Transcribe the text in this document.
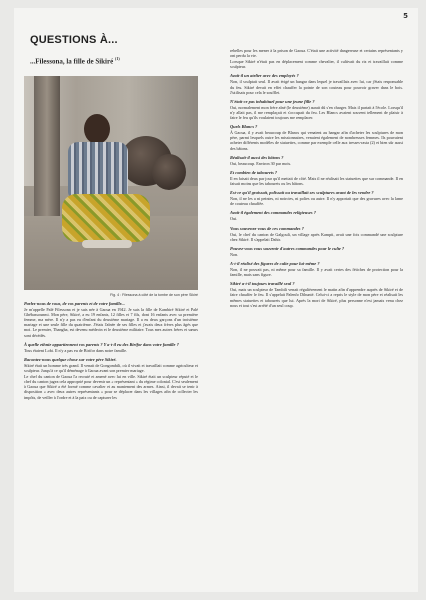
5
QUESTIONS À...
...Filessona, la fille de Sikiré $^{(1)}$
Fig. 4 : Filessona à côté de la tombe de son père Sikiré

Parlez-nous de vous, de vos parents et de votre famille...

Je m'appelle Palé Filessona et je suis née à Gaoua en 1942. Je suis la fille de Kambiré Sikiré et Palé Ghébassounmi. Mon père, Sikiré, a eu 19 enfants, 12 filles et 7 fils, dont 16 enfants avec sa première femme, ma mère. Il n'y a pas eu d'enfant du deuxième mariage. Il a eu deux garçons d'un troisième mariage et une seule fille du quatrième. J'étais l'aînée de ses filles et j'avais deux frères plus âgés que moi. Le premier, Thangba, est devenu médecin et le deuxième militaire. Tous mes autres frères et sœurs sont décédés.

À quelle ethnie appartiennent vos parents ? Y a-t-il eu des Birifor dans votre famille ?

Tous étaient Lobi. Il n'y a pas eu de Birifor dans notre famille.

Racontez-nous quelque chose sur votre père Sikiré.

Sikiré était un homme très grand. Il venait de Gongombili, où il vivait et travaillait comme agriculteur et sculpteur. Jusqu'à ce qu'il déménage à Gaoua avant son premier mariage.

Le chef du canton de Gaoua l'a recruté et amené avec lui en ville. Sikiré était un sculpteur réputé et le chef du canton jugea cela approprié pour devenir un « représentant » du régime colonial. C'est seulement à Gaoua que Sikiré a été formé comme cavalier et au maniement des armes. Ainsi, il devait se tenir à disposition « avec deux autres représentants » pour se déplacer dans les villages afin de collecter les impôts, de veiller à l'ordre et à la paix ou de capturer les

rebelles pour les mener à la prison de Gaoua. C'était une activité dangereuse et certains représentants y ont perdu la vie.

Lorsque Sikiré n'était pas en déplacement comme chevalier, il cultivait du riz et travaillait comme sculpteur.

Avait-il un atelier avec des employés ?

Non, il sculptait seul. Il avait érigé un hangar dans lequel je travaillais avec lui, car j'étais responsable du feu. Sikiré devait en effet chauffer la pointe de son couteau pour pouvoir graver dans le bois. J'utilisais pour cela le soufflet.

N'était-ce pas inhabituel pour une jeune fille ?

Oui, normalement mon frère aîné (le deuxième) aurait dû s'en charger. Mais il partait à l'école. Lorsqu'il n'y allait pas, il me remplaçait et s'occupait du feu. Les Blancs avaient souvent tellement de plaisir à faire le feu qu'ils voulaient toujours me remplacer.

Quels Blancs ?

À Gaoua, il y avait beaucoup de Blancs qui venaient au hangar afin d'acheter les sculptures de mon père, parmi lesquels outre les missionnaires, venaient également de nombreuses femmes. Ils pouvaient acheter différents modèles de statuettes, comme par exemple celle aux tresses-rasta (2) et bien sûr aussi des bâtons.

Réalisait-il aussi des bâtons ?

Oui, beaucoup. Environ 30 par mois.

Et combien de tabourets ?

Il en faisait deux par jour qu'il mettait de côté. Mais il ne réalisait les statuettes que sur commande. Il en faisait moins que les tabourets ou les bâtons.

Est-ce qu'il graissait, polissait ou travaillait ses sculptures avant de les vendre ?

Non, il ne les a ni peintes, ni noircies, ni polies ou autre. Il n'y apportait que des gravures avec la lame de couteau chauffée.

Avait-il également des commandes religieuses ?

Oui.

Vous souvenez-vous de ces commandes ?

Oui, le chef du canton de Galgouli, un village après Kampti, avait une fois commandé une sculpture chez Sikiré. Il s'appelait Dahir.

Pouvez-vous vous souvenir d'autres commandes pour le culte ?

Non.

A-t-il réalisé des figures de culte pour lui-même ?

Non, il ne pouvait pas, ni même pour sa famille. Il y avait certes des fétiches de protection pour la famille, mais sans figure.

Sikiré a-t-il toujours travaillé seul ?

Oui, mais un sculpteur de Tambili venait régulièrement le matin afin d'apprendre auprès de Sikiré et de faire chauffer le feu. Il s'appelait Palenfo Dihunté. Celui-ci a repris le style de mon père et réalisait les mêmes statuettes et tabourets que lui. Après la mort de Sikiré, plus personne n'est jamais venu chez nous et tout s'est arrêté d'un seul coup.
